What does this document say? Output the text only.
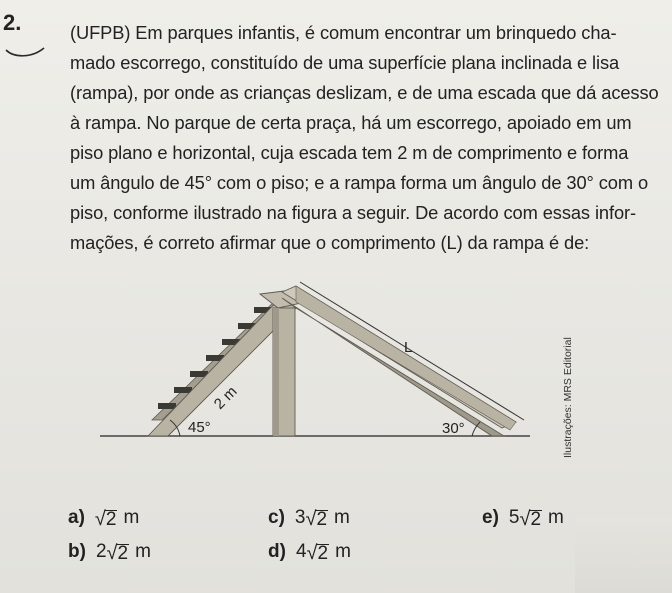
2.	(UFPB) Em parques infantis, é comum encontrar um brinquedo cha-
mado escorrego, constituído de uma superfície plana inclinada e lisa
(rampa), por onde as crianças deslizam, e de uma escada que dá acesso
à rampa. No parque de certa praça, há um escorrego, apoiado em um
piso plano e horizontal, cuja escada tem 2 m de comprimento e forma
um ângulo de 45° com o piso; e a rampa forma um ângulo de 30° com o
piso, conforme ilustrado na figura a seguir. De acordo com essas infor-
mações, é correto afirmar que o comprimento (L) da rampa é de:
L
2 m
45°	30°	Ilustrações: MRS Editorial
a) √ 2 m
b) 2 √ 2 m
c) 3 √ 2 m
d) 4 √ 2 m
e) 5 √ 2 m
